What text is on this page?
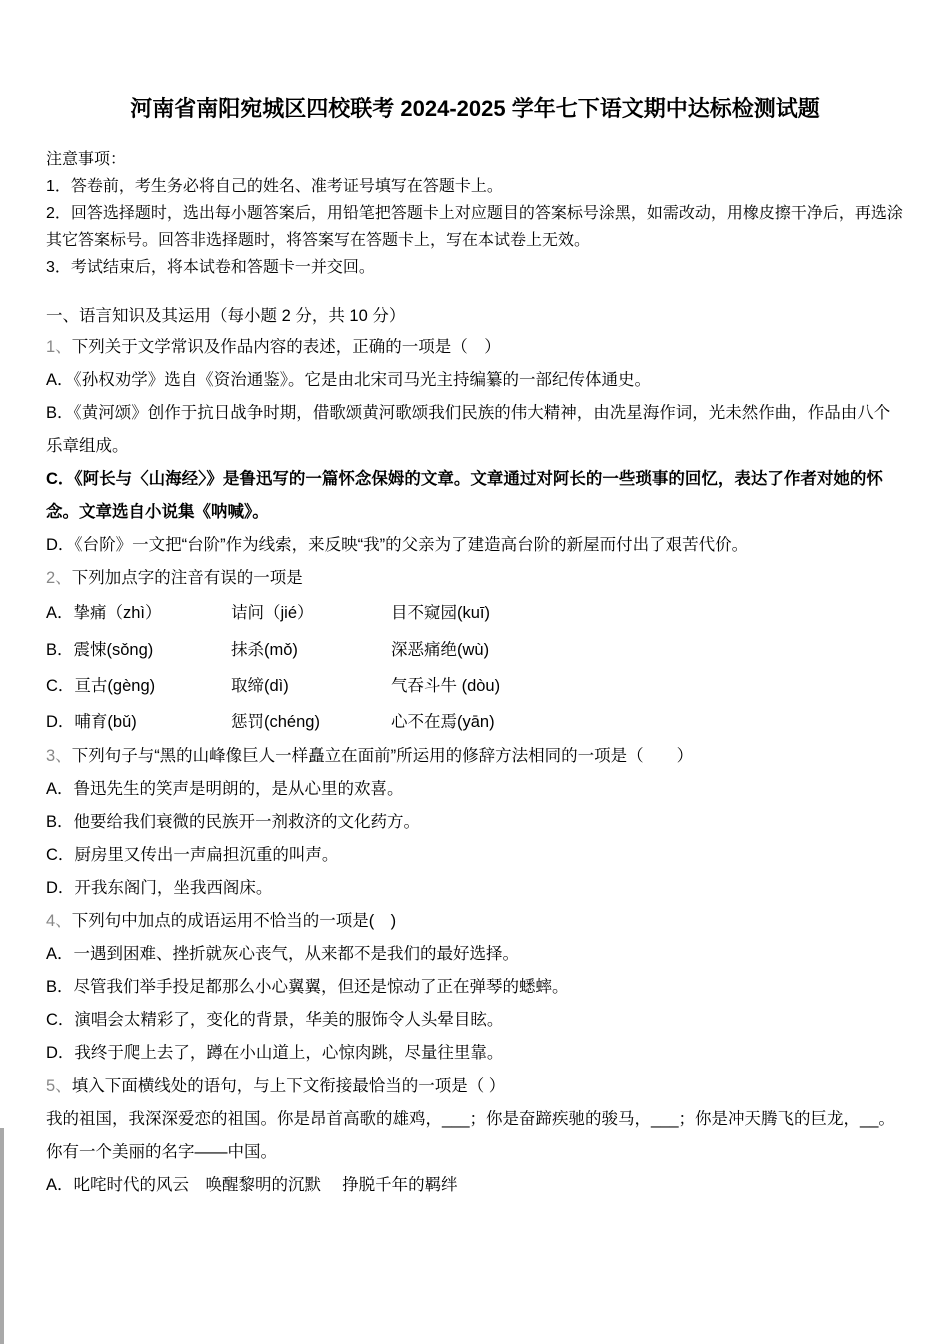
河南省南阳宛城区四校联考 2024-2025 学年七下语文期中达标检测试题

注意事项：

1．答卷前，考生务必将自己的姓名、准考证号填写在答题卡上。

2．回答选择题时，选出每小题答案后，用铅笔把答题卡上对应题目的答案标号涂黑，如需改动，用橡皮擦干净后，再选涂其它答案标号。回答非选择题时，将答案写在答题卡上，写在本试卷上无效。

3．考试结束后，将本试卷和答题卡一并交回。

一、语言知识及其运用（每小题 2 分，共 10 分）

1、下列关于文学常识及作品内容的表述，正确的一项是（　）

A．《孙权劝学》选自《资治通鉴》。它是由北宋司马光主持编纂的一部纪传体通史。

B．《黄河颂》创作于抗日战争时期，借歌颂黄河歌颂我们民族的伟大精神，由冼星海作词，光未然作曲，作品由八个乐章组成。

C．《阿长与〈山海经〉》是鲁迅写的一篇怀念保姆的文章。文章通过对阿长的一些琐事的回忆，表达了作者对她的怀念。文章选自小说集《呐喊》。

D．《台阶》一文把“台阶”作为线索，来反映“我”的父亲为了建造高台阶的新屋而付出了艰苦代价。

2、下列加点字的注音有误的一项是

A．挚痛（zhì）	诘问（jié）	目不窥园(kuī)
B．震悚(sǒng)	抹杀(mǒ)	深恶痛绝(wù)
C．亘古(gèng)	取缔(dì)	气吞斗牛 (dòu)
D．哺育(bǔ)	惩罚(chéng)	心不在焉(yān)

3、下列句子与“黑的山峰像巨人一样矗立在面前”所运用的修辞方法相同的一项是（　　）

A．鲁迅先生的笑声是明朗的，是从心里的欢喜。

B．他要给我们衰微的民族开一剂救济的文化药方。

C．厨房里又传出一声扁担沉重的叫声。

D．开我东阁门，坐我西阁床。

4、下列句中加点的成语运用不恰当的一项是(　)

A．一遇到困难、挫折就灰心丧气，从来都不是我们的最好选择。

B．尽管我们举手投足都那么小心翼翼，但还是惊动了正在弹琴的蟋蟀。

C．演唱会太精彩了，变化的背景，华美的服饰令人头晕目眩。

D．我终于爬上去了，蹲在小山道上，心惊肉跳，尽量往里靠。

5、填入下面横线处的语句，与上下文衔接最恰当的一项是（ ）

我的祖国，我深深爱恋的祖国。你是昂首高歌的雄鸡，___；你是奋蹄疾驰的骏马，___；你是冲天腾飞的巨龙，__。你有一个美丽的名字——中国。

A．叱咤时代的风云　唤醒黎明的沉默　 挣脱千年的羁绊
